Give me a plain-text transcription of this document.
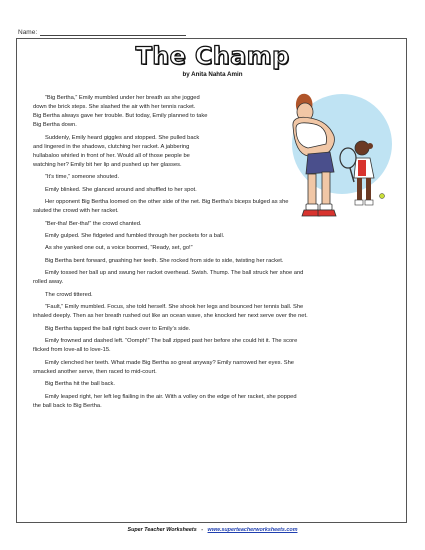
Name:
The Champ
by Anita Nahta Amin

“Big Bertha,” Emily mumbled under her breath as she jogged
down the brick steps. She slashed the air with her tennis racket.
Big Bertha always gave her trouble. But today, Emily planned to take
Big Bertha down.

Suddenly, Emily heard giggles and stopped. She pulled back
and lingered in the shadows, clutching her racket. A jabbering
hullabaloo whirled in front of her. Would all of those people be
watching her? Emily bit her lip and pushed up her glasses.

“It’s time,” someone shouted.

Emily blinked. She glanced around and shuffled to her spot.

Her opponent Big Bertha loomed on the other side of the net. Big Bertha’s biceps bulged as she
saluted the crowd with her racket.

“Ber-tha! Ber-tha!” the crowd chanted.

Emily gulped. She fidgeted and fumbled through her pockets for a ball.

As she yanked one out, a voice boomed, “Ready, set, go!”

Big Bertha bent forward, gnashing her teeth. She rocked from side to side, twisting her racket.

Emily tossed her ball up and swung her racket overhead. Swish. Thump. The ball struck her shoe and
rolled away.

The crowd tittered.

“Fault,” Emily mumbled. Focus, she told herself. She shook her legs and bounced her tennis ball. She
inhaled deeply. Then as her breath rushed out like an ocean wave, she knocked her next serve over the net.

Big Bertha tapped the ball right back over to Emily’s side.

Emily frowned and dashed left. “Oomph!” The ball zipped past her before she could hit it. The score
flicked from love-all to love-15.

Emily clenched her teeth. What made Big Bertha so great anyway? Emily narrowed her eyes. She
smacked another serve, then raced to mid-court.

Big Bertha hit the ball back.

Emily leaped right, her left leg flailing in the air. With a volley on the edge of her racket, she popped
the ball back to Big Bertha.

Super Teacher Worksheets - www.superteacherworksheets.com
